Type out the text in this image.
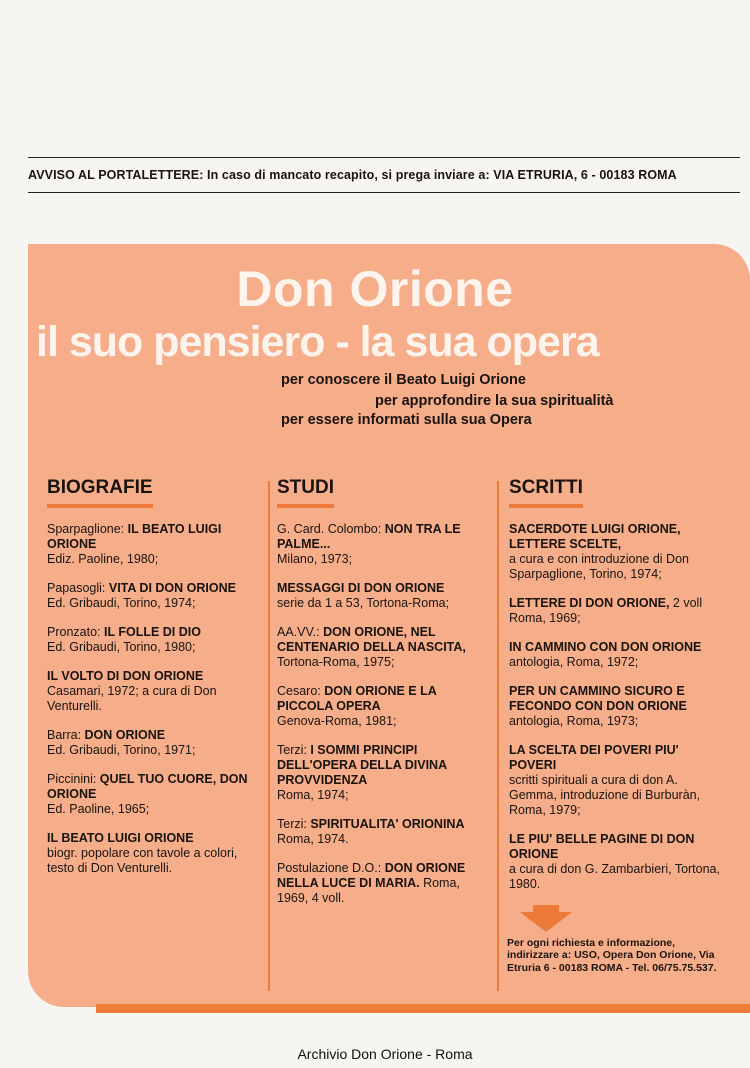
AVVISO AL PORTALETTERE: In caso di mancato recapito, si prega inviare a: VIA ETRURIA, 6 - 00183 ROMA
Don Orione
il suo pensiero - la sua opera
per conoscere il Beato Luigi Orione
per approfondire la sua spiritualità
per essere informati sulla sua Opera
BIOGRAFIE
Sparpaglione: IL BEATO LUIGI ORIONE
Ediz. Paoline, 1980;
Papasogli: VITA DI DON ORIONE
Ed. Gribaudi, Torino, 1974;
Pronzato: IL FOLLE DI DIO
Ed. Gribaudi, Torino, 1980;
IL VOLTO DI DON ORIONE
Casamari, 1972; a cura di Don Venturelli.
Barra: DON ORIONE
Ed. Gribaudi, Torino, 1971;
Piccinini: QUEL TUO CUORE, DON ORIONE
Ed. Paoline, 1965;
IL BEATO LUIGI ORIONE
biogr. popolare con tavole a colori, testo di Don Venturelli.
STUDI
G. Card. Colombo: NON TRA LE PALME...
Milano, 1973;
MESSAGGI DI DON ORIONE
serie da 1 a 53, Tortona-Roma;
AA.VV.: DON ORIONE, NEL CENTENARIO DELLA NASCITA,
Tortona-Roma, 1975;
Cesaro: DON ORIONE E LA PICCOLA OPERA
Genova-Roma, 1981;
Terzi: I SOMMI PRINCIPI DELL'OPERA DELLA DIVINA PROVVIDENZA
Roma, 1974;
Terzi: SPIRITUALITA' ORIONINA
Roma, 1974.
Postulazione D.O.: DON ORIONE NELLA LUCE DI MARIA. Roma, 1969, 4 voll.
SCRITTI
SACERDOTE LUIGI ORIONE, LETTERE SCELTE,
a cura e con introduzione di Don Sparpaglione, Torino, 1974;
LETTERE DI DON ORIONE, 2 voll Roma, 1969;
IN CAMMINO CON DON ORIONE
antologia, Roma, 1972;
PER UN CAMMINO SICURO E FECONDO CON DON ORIONE
antologia, Roma, 1973;
LA SCELTA DEI POVERI PIU' POVERI
scritti spirituali a cura di don A. Gemma, introduzione di Burburàn, Roma, 1979;
LE PIU' BELLE PAGINE DI DON ORIONE
a cura di don G. Zambarbieri, Tortona, 1980.
Per ogni richiesta e informazione, indirizzare a: USO, Opera Don Orione, Via Etruria 6 - 00183 ROMA - Tel. 06/75.75.537.
Archivio Don Orione - Roma
